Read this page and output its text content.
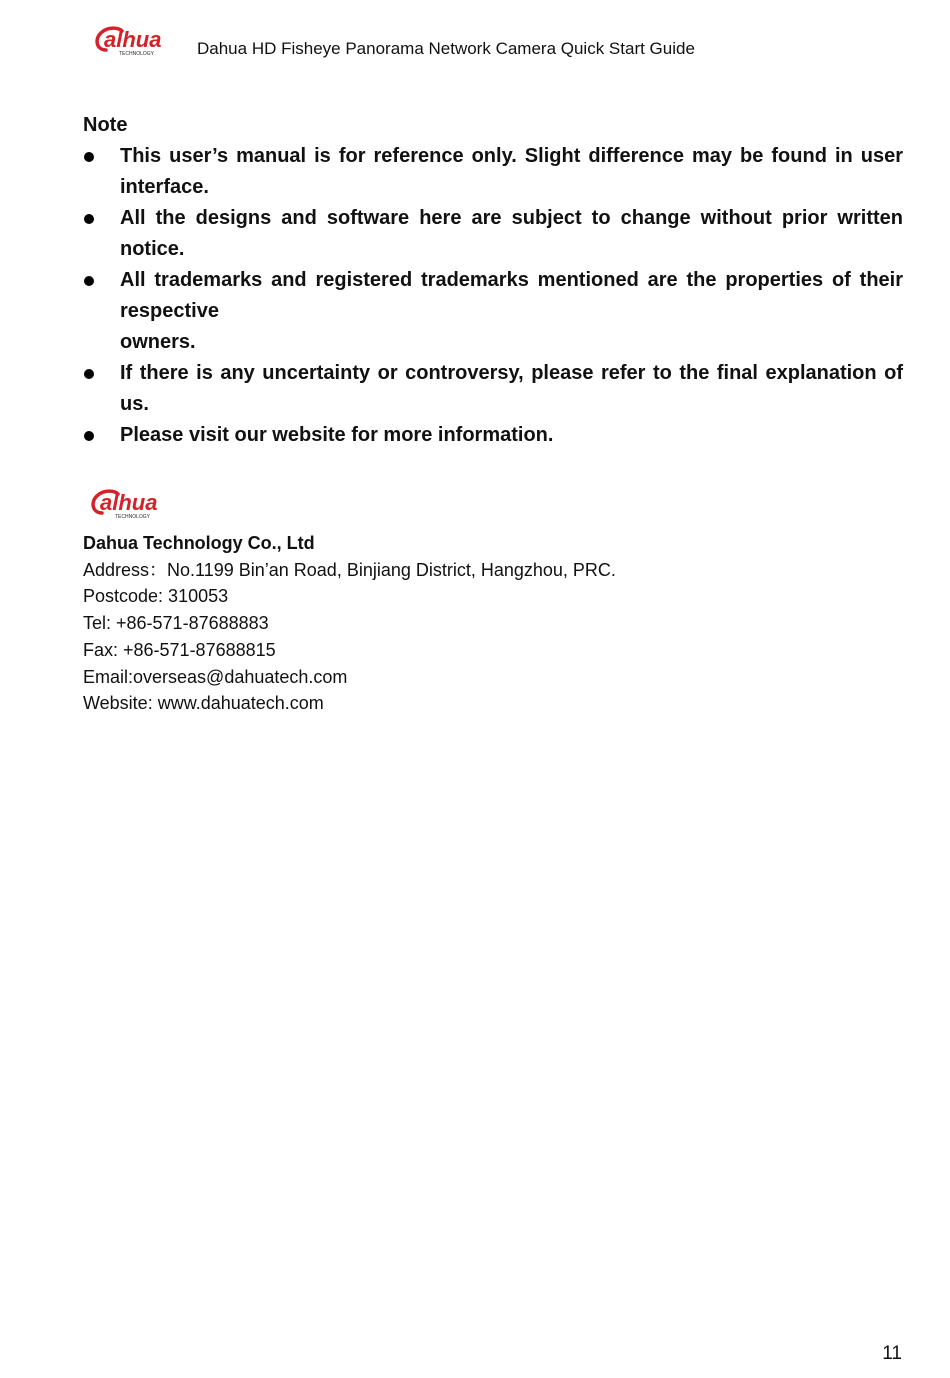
alhua
TECHNOLOGY	Dahua HD Fisheye Panorama Network Camera Quick Start Guide
Note
This user’s manual is for reference only. Slight difference may be found in user interface.
All the designs and software here are subject to change without prior written notice.
All trademarks and registered trademarks mentioned are the properties of their respective
owners.
If there is any uncertainty or controversy, please refer to the final explanation of us.
Please visit our website for more information.
alhua
TECHNOLOGY
Dahua Technology Co., Ltd
Address：No.1199 Bin’an Road, Binjiang District, Hangzhou, PRC.
Postcode: 310053
Tel: +86-571-87688883
Fax: +86-571-87688815
Email:overseas@dahuatech.com
Website: www.dahuatech.com
11
